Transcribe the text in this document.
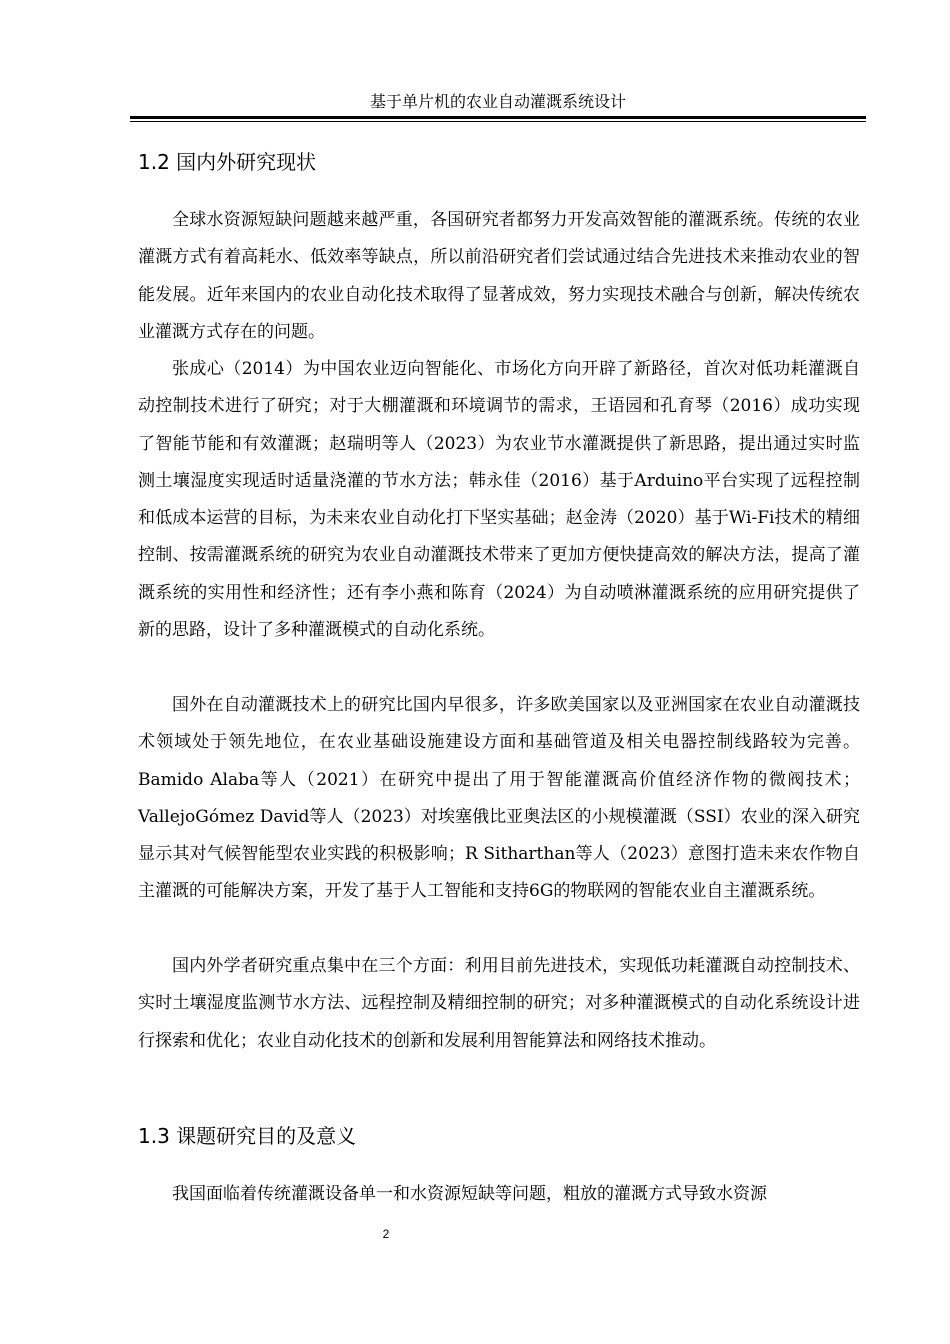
基于单片机的农业自动灌溉系统设计
1.2 国内外研究现状

全球水资源短缺问题越来越严重，各国研究者都努力开发高效智能的灌溉系统。传统的农业灌溉方式有着高耗水、低效率等缺点，所以前沿研究者们尝试通过结合先进技术来推动农业的智能发展。近年来国内的农业自动化技术取得了显著成效，努力实现技术融合与创新，解决传统农业灌溉方式存在的问题。

张成心（2014）为中国农业迈向智能化、市场化方向开辟了新路径，首次对低功耗灌溉自动控制技术进行了研究；对于大棚灌溉和环境调节的需求，王语园和孔育琴（2016）成功实现了智能节能和有效灌溉；赵瑞明等人（2023）为农业节水灌溉提供了新思路，提出通过实时监测土壤湿度实现适时适量浇灌的节水方法；韩永佳（2016）基于Arduino平台实现了远程控制和低成本运营的目标，为未来农业自动化打下坚实基础；赵金涛（2020）基于Wi-Fi技术的精细控制、按需灌溉系统的研究为农业自动灌溉技术带来了更加方便快捷高效的解决方法，提高了灌溉系统的实用性和经济性；还有李小燕和陈育（2024）为自动喷淋灌溉系统的应用研究提供了新的思路，设计了多种灌溉模式的自动化系统。

国外在自动灌溉技术上的研究比国内早很多，许多欧美国家以及亚洲国家在农业自动灌溉技术领域处于领先地位，在农业基础设施建设方面和基础管道及相关电器控制线路较为完善。Bamido Alaba等人（2021）在研究中提出了用于智能灌溉高价值经济作物的微阀技术；VallejoGómez David等人（2023）对埃塞俄比亚奥法区的小规模灌溉（SSI）农业的深入研究显示其对气候智能型农业实践的积极影响；R Sitharthan等人（2023）意图打造未来农作物自主灌溉的可能解决方案，开发了基于人工智能和支持6G的物联网的智能农业自主灌溉系统。

国内外学者研究重点集中在三个方面：利用目前先进技术，实现低功耗灌溉自动控制技术、实时土壤湿度监测节水方法、远程控制及精细控制的研究；对多种灌溉模式的自动化系统设计进行探索和优化；农业自动化技术的创新和发展利用智能算法和网络技术推动。

1.3 课题研究目的及意义

我国面临着传统灌溉设备单一和水资源短缺等问题，粗放的灌溉方式导致水资源

2
